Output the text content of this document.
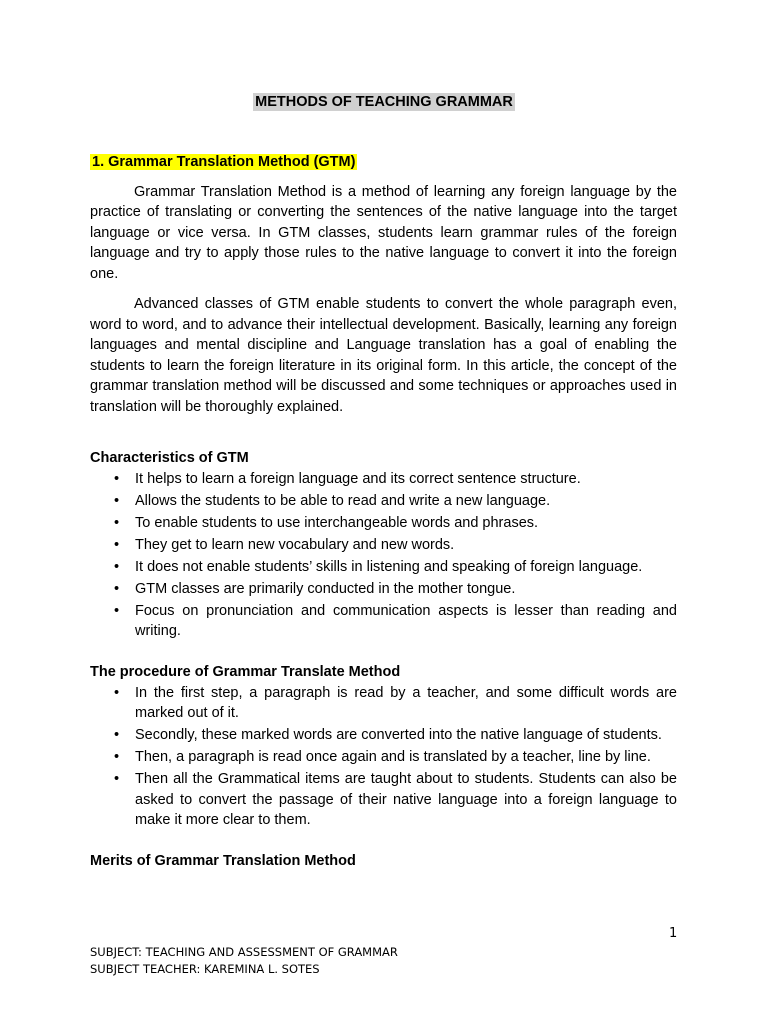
METHODS OF TEACHING GRAMMAR
1. Grammar Translation Method (GTM)

Grammar Translation Method is a method of learning any foreign language by the practice of translating or converting the sentences of the native language into the target language or vice versa. In GTM classes, students learn grammar rules of the foreign language and try to apply those rules to the native language to convert it into the foreign one.

Advanced classes of GTM enable students to convert the whole paragraph even, word to word, and to advance their intellectual development. Basically, learning any foreign languages and mental discipline and Language translation has a goal of enabling the students to learn the foreign literature in its original form. In this article, the concept of the grammar translation method will be discussed and some techniques or approaches used in translation will be thoroughly explained.

Characteristics of GTM
• It helps to learn a foreign language and its correct sentence structure.
• Allows the students to be able to read and write a new language.
• To enable students to use interchangeable words and phrases.
• They get to learn new vocabulary and new words.
• It does not enable students’ skills in listening and speaking of foreign language.
• GTM classes are primarily conducted in the mother tongue.
• Focus on pronunciation and communication aspects is lesser than reading and writing.
The procedure of Grammar Translate Method
• In the first step, a paragraph is read by a teacher, and some difficult words are marked out of it.
• Secondly, these marked words are converted into the native language of students.
• Then, a paragraph is read once again and is translated by a teacher, line by line.
• Then all the Grammatical items are taught about to students. Students can also be asked to convert the passage of their native language into a foreign language to make it more clear to them.
Merits of Grammar Translation Method
1
SUBJECT: TEACHING AND ASSESSMENT OF GRAMMAR
SUBJECT TEACHER: KAREMINA L. SOTES
